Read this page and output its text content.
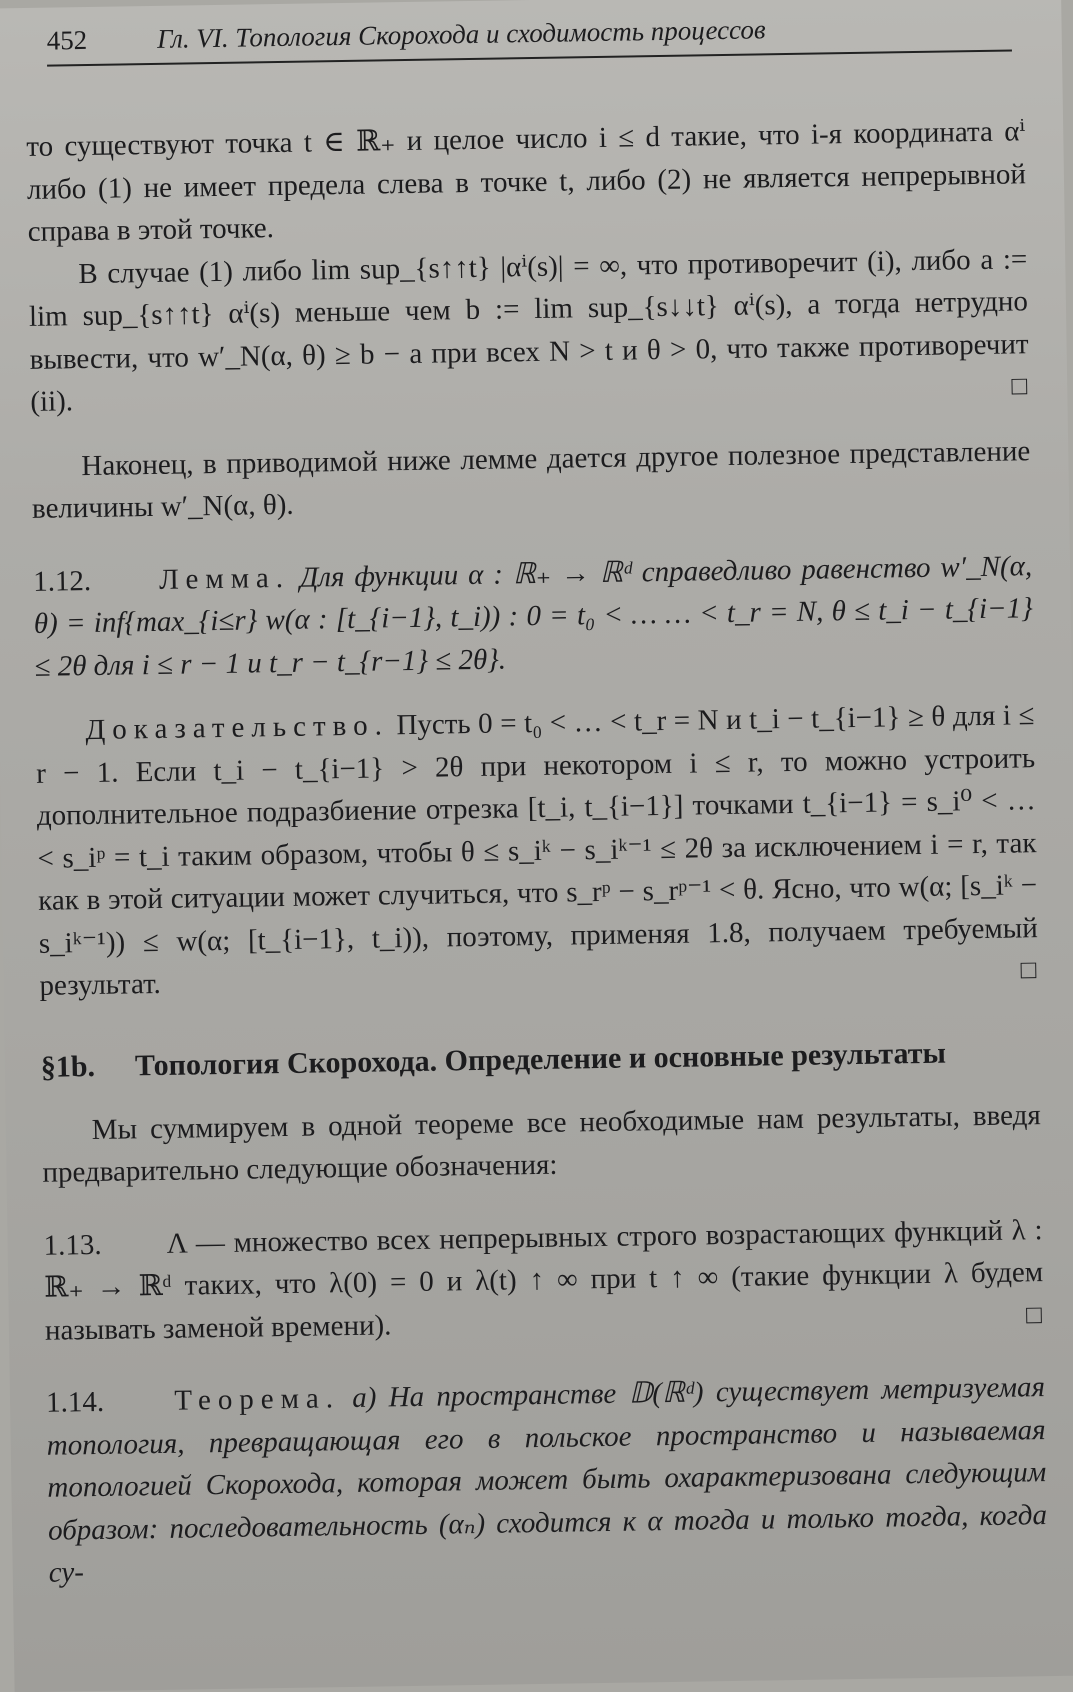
452	Гл. VI. Топология Скорохода и сходимость процессов

то существуют точка t ∈ ℝ₊ и целое число i ≤ d такие, что i-я координата αⁱ либо (1) не имеет предела слева в точке t, либо (2) не является непрерывной справа в этой точке.

В случае (1) либо lim sup_{s↑↑t} |αⁱ(s)| = ∞, что противоречит (i), либо a := lim sup_{s↑↑t} αⁱ(s) меньше чем b := lim sup_{s↓↓t} αⁱ(s), а тогда нетрудно вывести, что w′_N(α, θ) ≥ b − a при всех N > t и θ > 0, что также противоречит (ii).	□

Наконец, в приводимой ниже лемме дается другое полезное представление величины w′_N(α, θ).

1.12. Лемма. Для функции α : ℝ₊ → ℝᵈ справедливо равенство w′_N(α, θ) = inf{max_{i≤r} w(α : [t_{i−1}, t_i)) : 0 = t₀ < … … < t_r = N, θ ≤ t_i − t_{i−1} ≤ 2θ для i ≤ r − 1 и t_r − t_{r−1} ≤ 2θ}.

Доказательство. Пусть 0 = t₀ < … < t_r = N и t_i − t_{i−1} ≥ θ для i ≤ r − 1. Если t_i − t_{i−1} > 2θ при некотором i ≤ r, то можно устроить дополнительное подразбиение отрезка [t_i, t_{i−1}] точками t_{i−1} = s_i⁰ < … < s_iᵖ = t_i таким образом, чтобы θ ≤ s_iᵏ − s_iᵏ⁻¹ ≤ 2θ за исключением i = r, так как в этой ситуации может случиться, что s_rᵖ − s_rᵖ⁻¹ < θ. Ясно, что w(α; [s_iᵏ − s_iᵏ⁻¹)) ≤ w(α; [t_{i−1}, t_i)), поэтому, применяя 1.8, получаем требуемый результат.	□

§1b. Топология Скорохода. Определение и основные результаты

Мы суммируем в одной теореме все необходимые нам результаты, введя предварительно следующие обозначения:

1.13. Λ — множество всех непрерывных строго возрастающих функций λ : ℝ₊ → ℝᵈ таких, что λ(0) = 0 и λ(t) ↑ ∞ при t ↑ ∞ (такие функции λ будем называть заменой времени).	□

1.14. Теорема. a) На пространстве 𝔻(ℝᵈ) существует метризуемая топология, превращающая его в польское пространство и называемая топологией Скорохода, которая может быть охарактеризована следующим образом: последовательность (αₙ) сходится к α тогда и только тогда, когда су-
